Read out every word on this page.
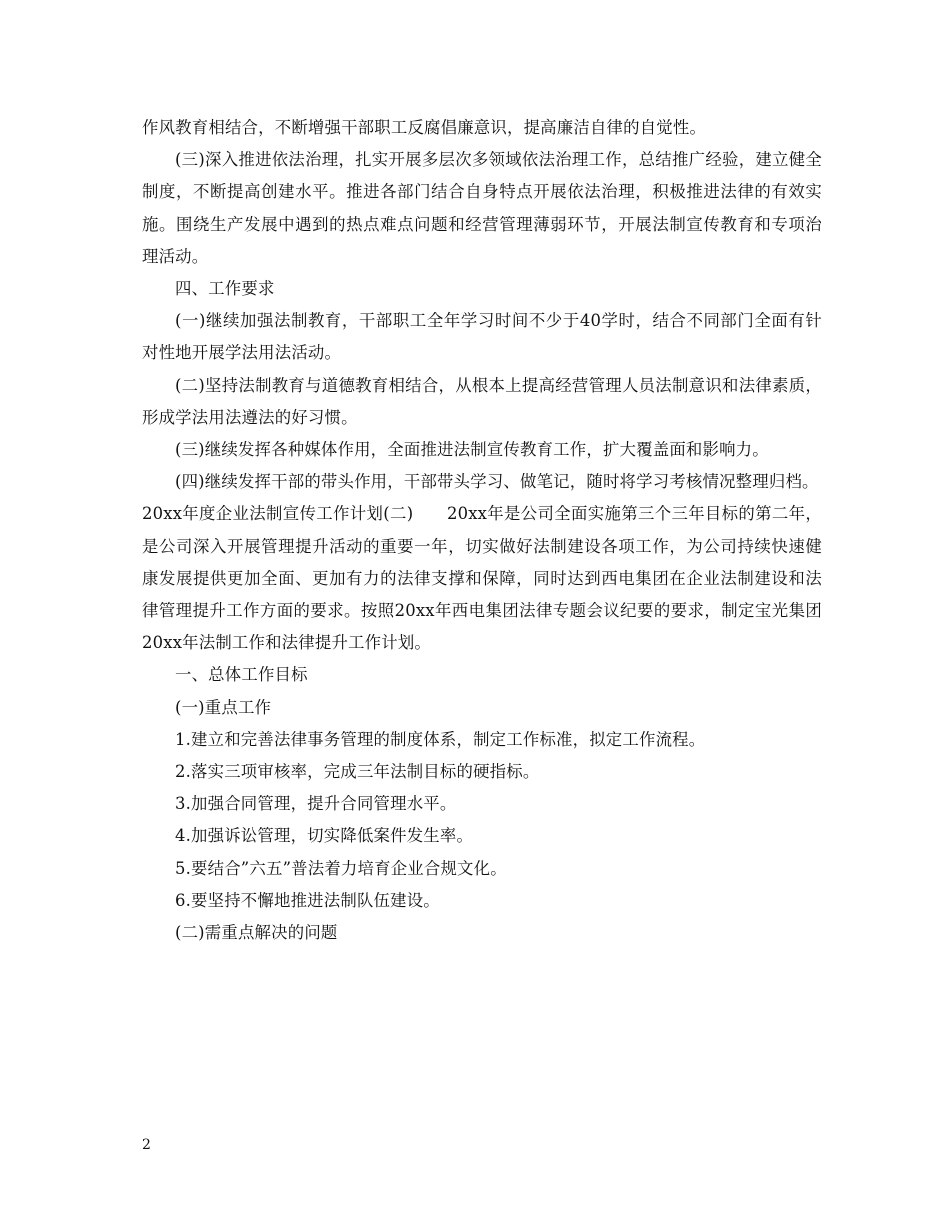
作风教育相结合，不断增强干部职工反腐倡廉意识，提高廉洁自律的自觉性。

(三)深入推进依法治理，扎实开展多层次多领域依法治理工作，总结推广经验，建立健全制度，不断提高创建水平。推进各部门结合自身特点开展依法治理，积极推进法律的有效实施。围绕生产发展中遇到的热点难点问题和经营管理薄弱环节，开展法制宣传教育和专项治理活动。

四、工作要求

(一)继续加强法制教育，干部职工全年学习时间不少于40学时，结合不同部门全面有针对性地开展学法用法活动。

(二)坚持法制教育与道德教育相结合，从根本上提高经营管理人员法制意识和法律素质，形成学法用法遵法的好习惯。

(三)继续发挥各种媒体作用，全面推进法制宣传教育工作，扩大覆盖面和影响力。

(四)继续发挥干部的带头作用，干部带头学习、做笔记，随时将学习考核情况整理归档。

20xx年度企业法制宣传工作计划(二)　　20xx年是公司全面实施第三个三年目标的第二年，是公司深入开展管理提升活动的重要一年，切实做好法制建设各项工作，为公司持续快速健康发展提供更加全面、更加有力的法律支撑和保障，同时达到西电集团在企业法制建设和法律管理提升工作方面的要求。按照20xx年西电集团法律专题会议纪要的要求，制定宝光集团20xx年法制工作和法律提升工作计划。

一、总体工作目标

(一)重点工作

1.建立和完善法律事务管理的制度体系，制定工作标准，拟定工作流程。

2.落实三项审核率，完成三年法制目标的硬指标。

3.加强合同管理，提升合同管理水平。

4.加强诉讼管理，切实降低案件发生率。

5.要结合”六五”普法着力培育企业合规文化。

6.要坚持不懈地推进法制队伍建设。

(二)需重点解决的问题

2
